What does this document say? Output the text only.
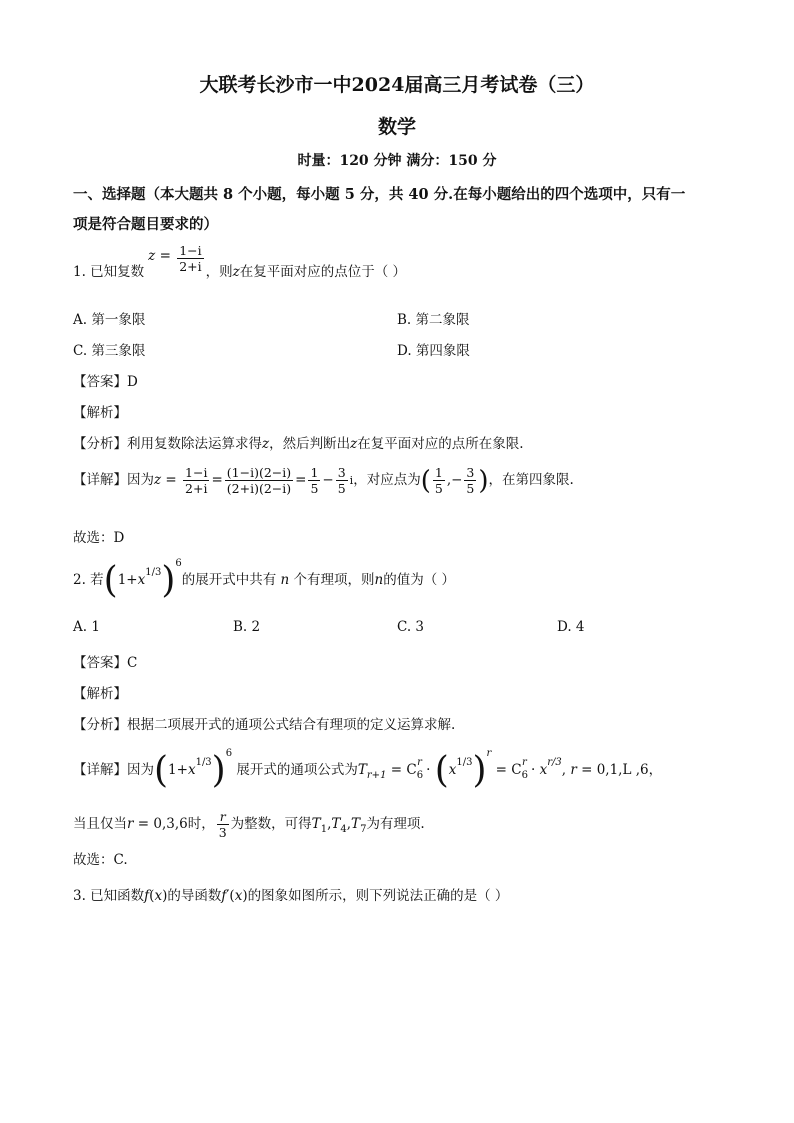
大联考长沙市一中2024届高三月考试卷（三）
数学
时量：120 分钟 满分：150 分
一、选择题（本大题共 8 个小题，每小题 5 分，共 40 分.在每小题给出的四个选项中，只有一
项是符合题目要求的）
1. 已知复数$z = \frac{1-i}{2+i}$ ，则z在复平面对应的点位于（ ）
A. 第一象限	B. 第二象限
C. 第三象限	D. 第四象限
【答案】D
【解析】
【分析】利用复数除法运算求得z，然后判断出z在复平面对应的点所在象限.
【详解】因为$z = \frac{1-i}{2+i} = \frac{(1-i)(2-i)}{(2+i)(2-i)} = \frac{1}{5} - \frac{3}{5}$ i，对应点为( $\frac{1}{5}$ ,− $\frac{3}{5}$ )，在第四象限.
故选：D
2. 若$(1+x^{1/3})^6$的展开式中共有 n 个有理项，则n的值为（ ）
A. 1	B. 2	C. 3	D. 4
【答案】C
【解析】
【分析】根据二项展开式的通项公式结合有理项的定义运算求解.
【详解】因为$(1+x^{1/3})^6$ 展开式的通项公式为$T_{r+1} = C_6^r \cdot (x^{1/3})^r = C_6^r \cdot x^{r/3}$, r = 0,1,L ,6，
当且仅当r = 0,3,6时， $\frac{r}{3}$ 为整数，可得$T_1,T_4,T_7$为有理项.
故选：C.
3. 已知函数f(x)的导函数f′(x)的图象如图所示，则下列说法正确的是（ ）
